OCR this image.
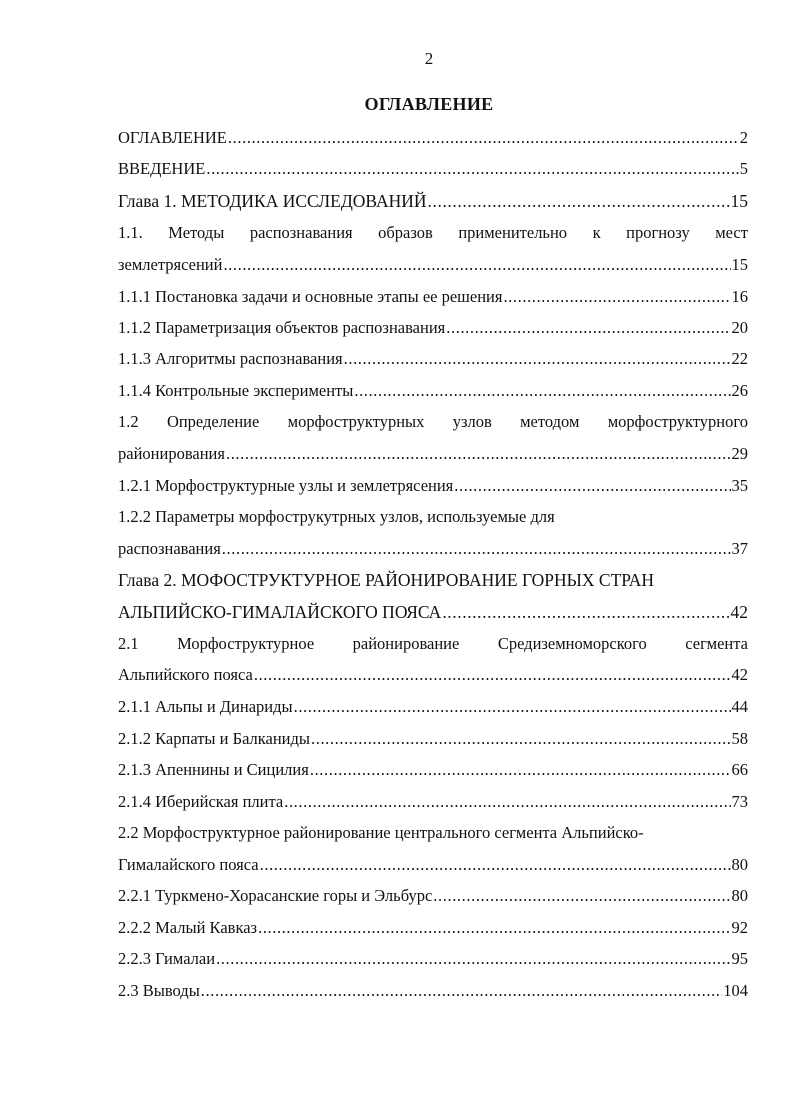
2
ОГЛАВЛЕНИЕ
ОГЛАВЛЕНИЕ .....	2
ВВЕДЕНИЕ .....	5
Глава 1. МЕТОДИКА ИССЛЕДОВАНИЙ .....	15
1.1. Методы распознавания образов применительно к прогнозу мест
землетрясений .....	15
1.1.1 Постановка задачи и основные этапы ее решения .....	16
1.1.2 Параметризация объектов распознавания .....	20
1.1.3 Алгоритмы распознавания .....	22
1.1.4 Контрольные эксперименты .....	26
1.2 Определение морфоструктурных узлов методом морфоструктурного
районирования .....	29
1.2.1 Морфоструктурные узлы и землетрясения .....	35
1.2.2 Параметры морфострукутрных узлов, используемые для
распознавания .....	37
Глава 2. МОФОСТРУКТУРНОЕ РАЙОНИРОВАНИЕ ГОРНЫХ СТРАН
АЛЬПИЙСКО-ГИМАЛАЙСКОГО ПОЯСА .....	42
2.1 Морфоструктурное районирование Средиземноморского сегмента
Альпийского пояса .....	42
2.1.1 Альпы и Динариды .....	44
2.1.2 Карпаты и Балканиды .....	58
2.1.3 Апеннины и Сицилия .....	66
2.1.4 Иберийская плита .....	73
2.2 Морфоструктурное районирование центрального сегмента Альпийско-
Гималайского пояса .....	80
2.2.1 Туркмено-Хорасанские горы и Эльбурс .....	80
2.2.2 Малый Кавказ .....	92
2.2.3 Гималаи .....	95
2.3 Выводы .....	104
